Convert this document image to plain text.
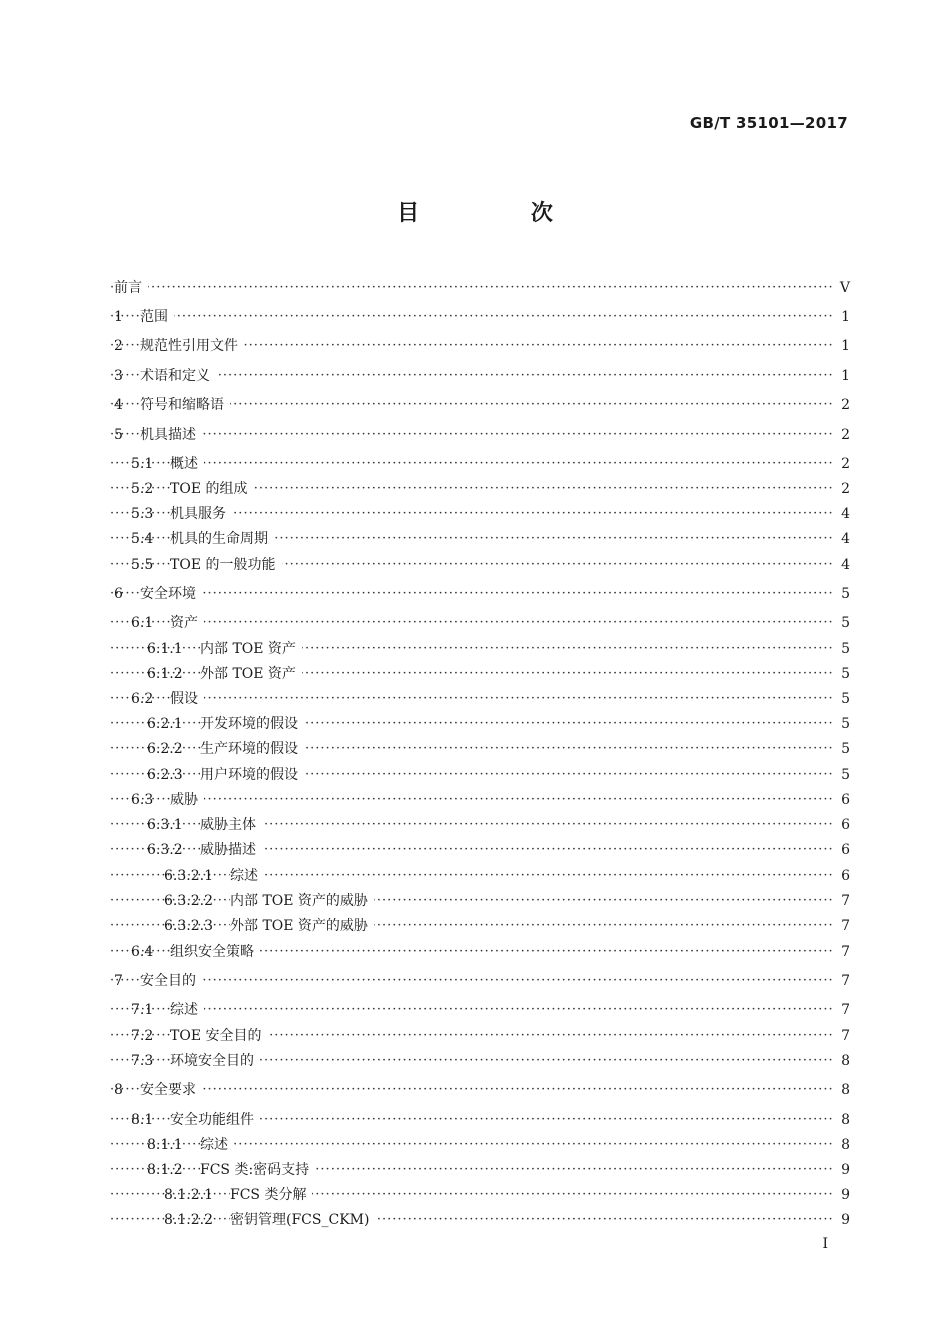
GB/T 35101—2017
目 次
·····
前言	V
·····
1 范围	1
·····
2 规范性引用文件	1
·····
3 术语和定义	1
·····
4 符号和缩略语	2
·····
5 机具描述	2
·····
5.1 概述	2
·····
5.2 TOE 的组成	2
·····
5.3 机具服务	4
·····
5.4 机具的生命周期	4
·····
5.5 TOE 的一般功能	4
·····
6 安全环境	5
·····
6.1 资产	5
·····
6.1.1 内部 TOE 资产	5
·····
6.1.2 外部 TOE 资产	5
·····
6.2 假设	5
·····
6.2.1 开发环境的假设	5
·····
6.2.2 生产环境的假设	5
·····
6.2.3 用户环境的假设	5
·····
6.3 威胁	6
·····
6.3.1 威胁主体	6
·····
6.3.2 威胁描述	6
·····
6.3.2.1 综述	6
·····
6.3.2.2 内部 TOE 资产的威胁	7
·····
6.3.2.3 外部 TOE 资产的威胁	7
·····
6.4 组织安全策略	7
·····
7 安全目的	7
·····
7.1 综述	7
·····
7.2 TOE 安全目的	7
·····
7.3 环境安全目的	8
·····
8 安全要求	8
·····
8.1 安全功能组件	8
·····
8.1.1 综述	8
·····
8.1.2 FCS 类:密码支持	9
·····
8.1.2.1 FCS 类分解	9
·····
8.1.2.2 密钥管理(FCS_CKM)	9
I
